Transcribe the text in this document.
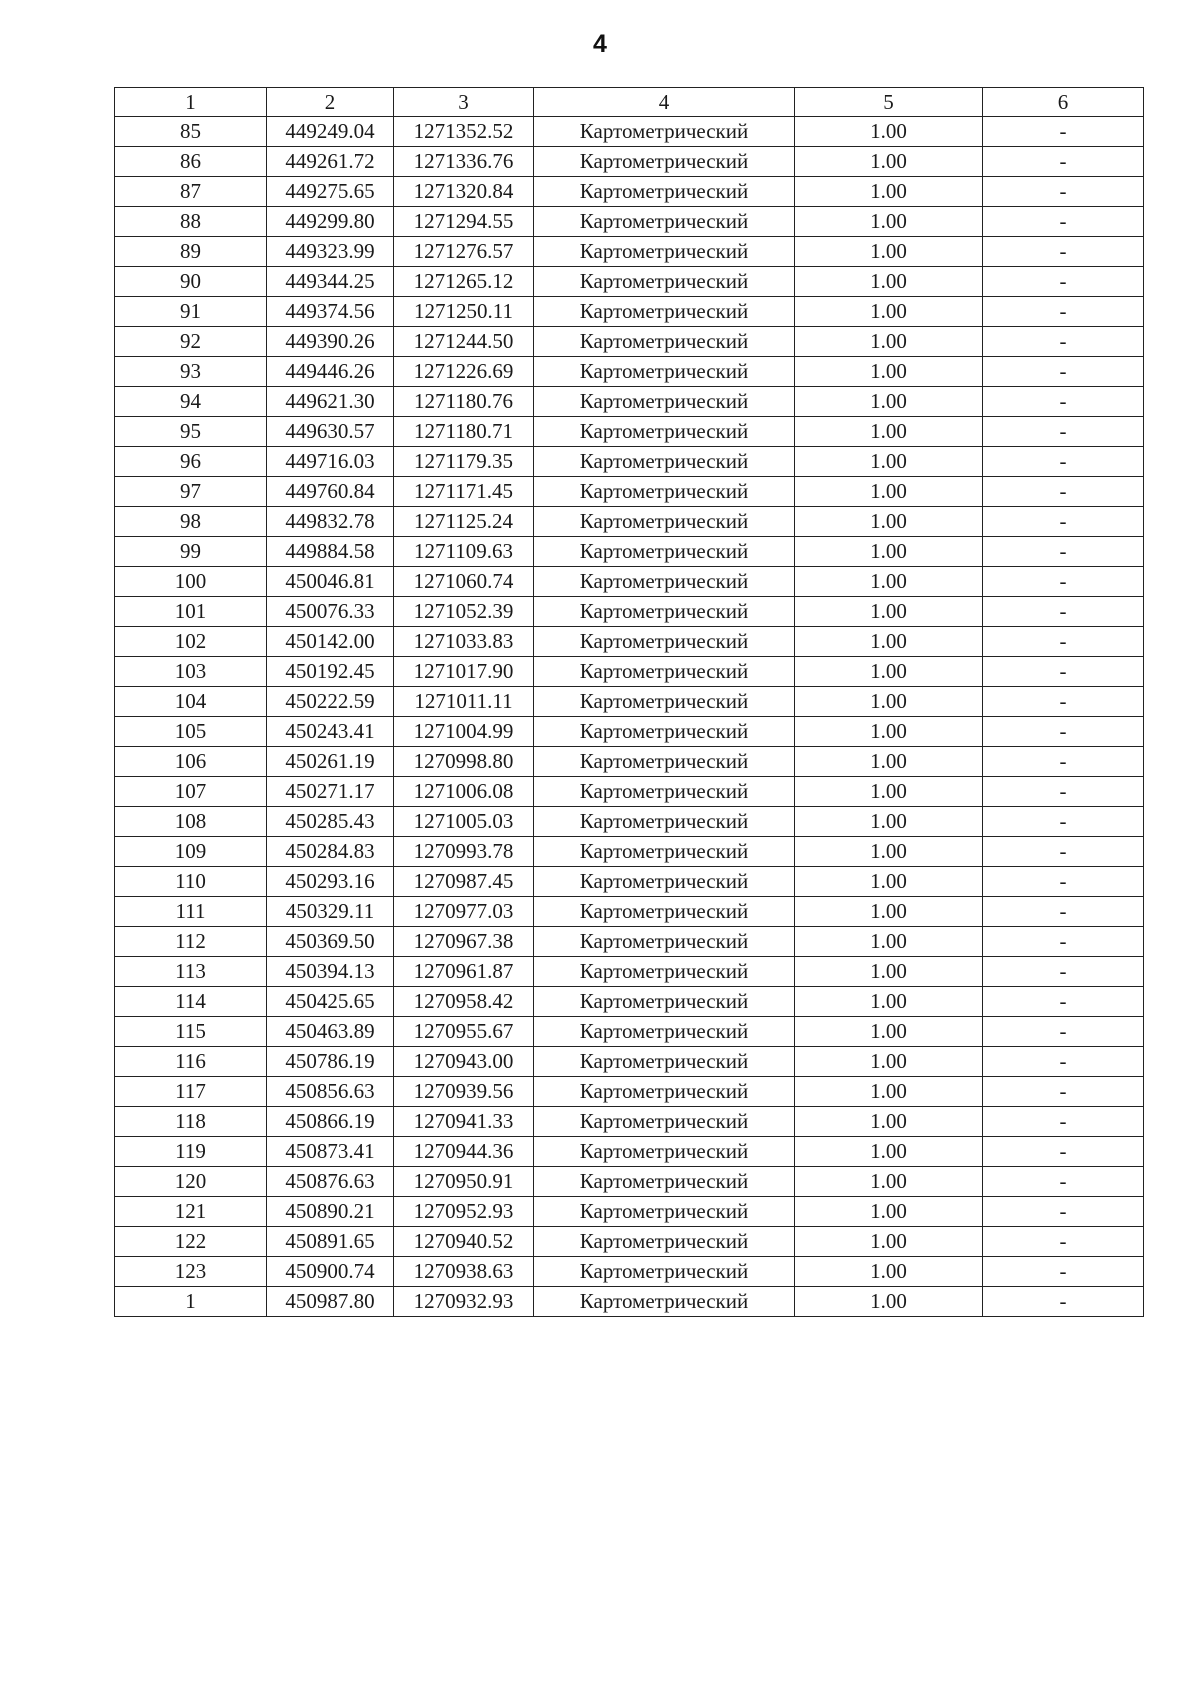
4
1	2	3	4	5	6
85	449249.04	1271352.52	Картометрический	1.00	-
86	449261.72	1271336.76	Картометрический	1.00	-
87	449275.65	1271320.84	Картометрический	1.00	-
88	449299.80	1271294.55	Картометрический	1.00	-
89	449323.99	1271276.57	Картометрический	1.00	-
90	449344.25	1271265.12	Картометрический	1.00	-
91	449374.56	1271250.11	Картометрический	1.00	-
92	449390.26	1271244.50	Картометрический	1.00	-
93	449446.26	1271226.69	Картометрический	1.00	-
94	449621.30	1271180.76	Картометрический	1.00	-
95	449630.57	1271180.71	Картометрический	1.00	-
96	449716.03	1271179.35	Картометрический	1.00	-
97	449760.84	1271171.45	Картометрический	1.00	-
98	449832.78	1271125.24	Картометрический	1.00	-
99	449884.58	1271109.63	Картометрический	1.00	-
100	450046.81	1271060.74	Картометрический	1.00	-
101	450076.33	1271052.39	Картометрический	1.00	-
102	450142.00	1271033.83	Картометрический	1.00	-
103	450192.45	1271017.90	Картометрический	1.00	-
104	450222.59	1271011.11	Картометрический	1.00	-
105	450243.41	1271004.99	Картометрический	1.00	-
106	450261.19	1270998.80	Картометрический	1.00	-
107	450271.17	1271006.08	Картометрический	1.00	-
108	450285.43	1271005.03	Картометрический	1.00	-
109	450284.83	1270993.78	Картометрический	1.00	-
110	450293.16	1270987.45	Картометрический	1.00	-
111	450329.11	1270977.03	Картометрический	1.00	-
112	450369.50	1270967.38	Картометрический	1.00	-
113	450394.13	1270961.87	Картометрический	1.00	-
114	450425.65	1270958.42	Картометрический	1.00	-
115	450463.89	1270955.67	Картометрический	1.00	-
116	450786.19	1270943.00	Картометрический	1.00	-
117	450856.63	1270939.56	Картометрический	1.00	-
118	450866.19	1270941.33	Картометрический	1.00	-
119	450873.41	1270944.36	Картометрический	1.00	-
120	450876.63	1270950.91	Картометрический	1.00	-
121	450890.21	1270952.93	Картометрический	1.00	-
122	450891.65	1270940.52	Картометрический	1.00	-
123	450900.74	1270938.63	Картометрический	1.00	-
1	450987.80	1270932.93	Картометрический	1.00	-
